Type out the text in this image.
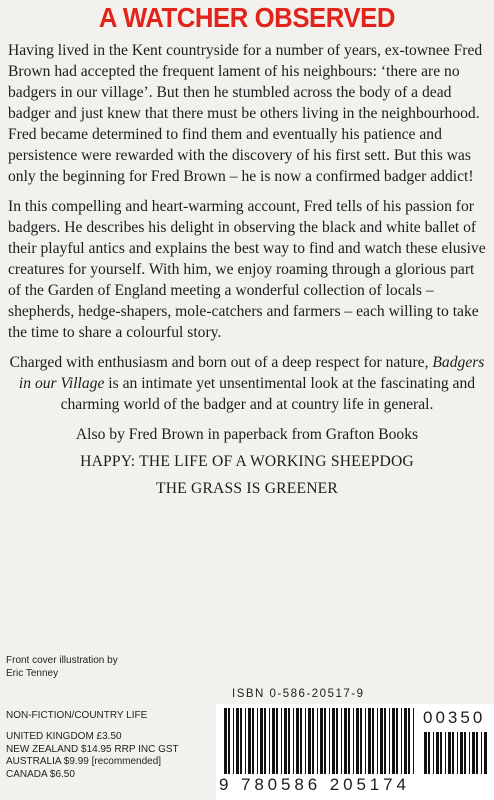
A WATCHER OBSERVED

Having lived in the Kent countryside for a number of years, ex-townee Fred Brown had accepted the frequent lament of his neighbours: ‘there are no badgers in our village’. But then he stumbled across the body of a dead badger and just knew that there must be others living in the neighbourhood. Fred became determined to find them and eventually his patience and persistence were rewarded with the discovery of his first sett. But this was only the beginning for Fred Brown – he is now a confirmed badger addict!

In this compelling and heart-warming account, Fred tells of his passion for badgers. He describes his delight in observing the black and white ballet of their playful antics and explains the best way to find and watch these elusive creatures for yourself. With him, we enjoy roaming through a glorious part of the Garden of England meeting a wonderful collection of locals – shepherds, hedge-shapers, mole-catchers and farmers – each willing to take the time to share a colourful story.

Charged with enthusiasm and born out of a deep respect for nature, Badgers in our Village is an intimate yet unsentimental look at the fascinating and charming world of the badger and at country life in general.

Also by Fred Brown in paperback from Grafton Books
HAPPY: THE LIFE OF A WORKING SHEEPDOG
THE GRASS IS GREENER
Front cover illustration by
Eric Tenney
NON-FICTION/COUNTRY LIFE
UNITED KINGDOM £3.50
NEW ZEALAND $14.95 RRP INC GST
AUSTRALIA $9.99 [recommended]
CANADA $6.50
ISBN 0-586-20517-9
00350
9 780586 205174
